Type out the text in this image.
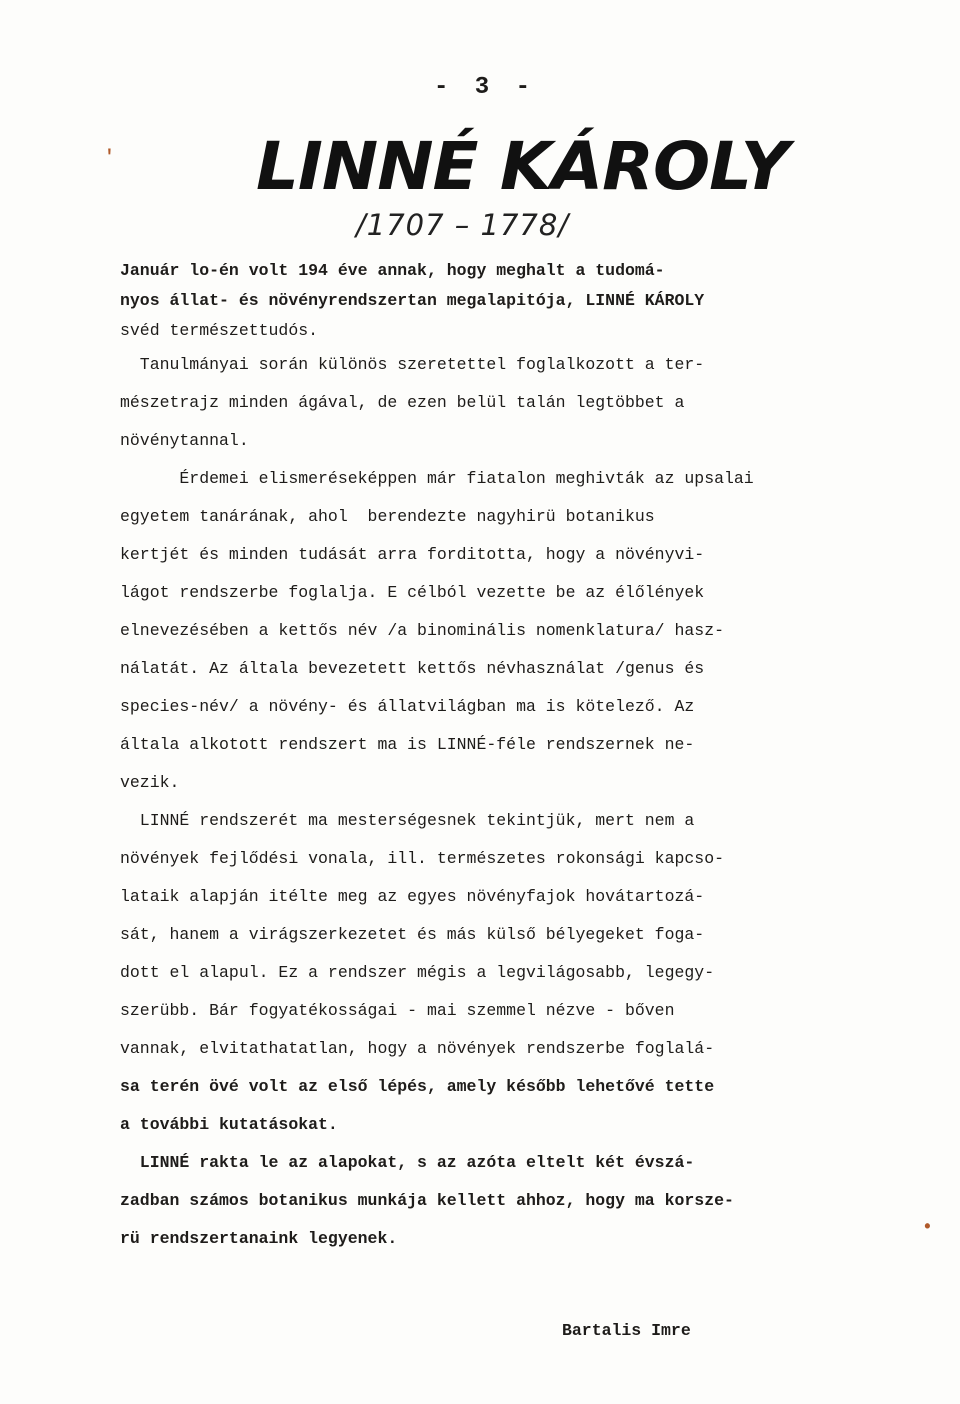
- 3 -
LINNÉ KÁROLY
/1707 – 1778/
'
•
Január lo-én volt 194 éve annak, hogy meghalt a tudomá-
nyos állat- és növényrendszertan megalapitója, LINNÉ KÁROLY
svéd természettudós.
Tanulmányai során különös szeretettel foglalkozott a ter-
mészetrajz minden ágával, de ezen belül talán legtöbbet a
növénytannal.
Érdemei elismeréseképpen már fiatalon meghivták az upsalai
egyetem tanárának, ahol  berendezte nagyhirü botanikus
kertjét és minden tudását arra forditotta, hogy a növényvi-
lágot rendszerbe foglalja. E célból vezette be az élőlények
elnevezésében a kettős név /a binominális nomenklatura/ hasz-
nálatát. Az általa bevezetett kettős névhasználat /genus és
species-név/ a növény- és állatvilágban ma is kötelező. Az
általa alkotott rendszert ma is LINNÉ-féle rendszernek ne-
vezik.
LINNÉ rendszerét ma mesterségesnek tekintjük, mert nem a
növények fejlődési vonala, ill. természetes rokonsági kapcso-
lataik alapján itélte meg az egyes növényfajok hovátartozá-
sát, hanem a virágszerkezetet és más külső bélyegeket foga-
dott el alapul. Ez a rendszer mégis a legvilágosabb, legegy-
szerübb. Bár fogyatékosságai - mai szemmel nézve - bőven
vannak, elvitathatatlan, hogy a növények rendszerbe foglalá-
sa terén övé volt az első lépés, amely később lehetővé tette
a további kutatásokat.
LINNÉ rakta le az alapokat, s az azóta eltelt két évszá-
zadban számos botanikus munkája kellett ahhoz, hogy ma korsze-
rü rendszertanaink legyenek.
Bartalis Imre
